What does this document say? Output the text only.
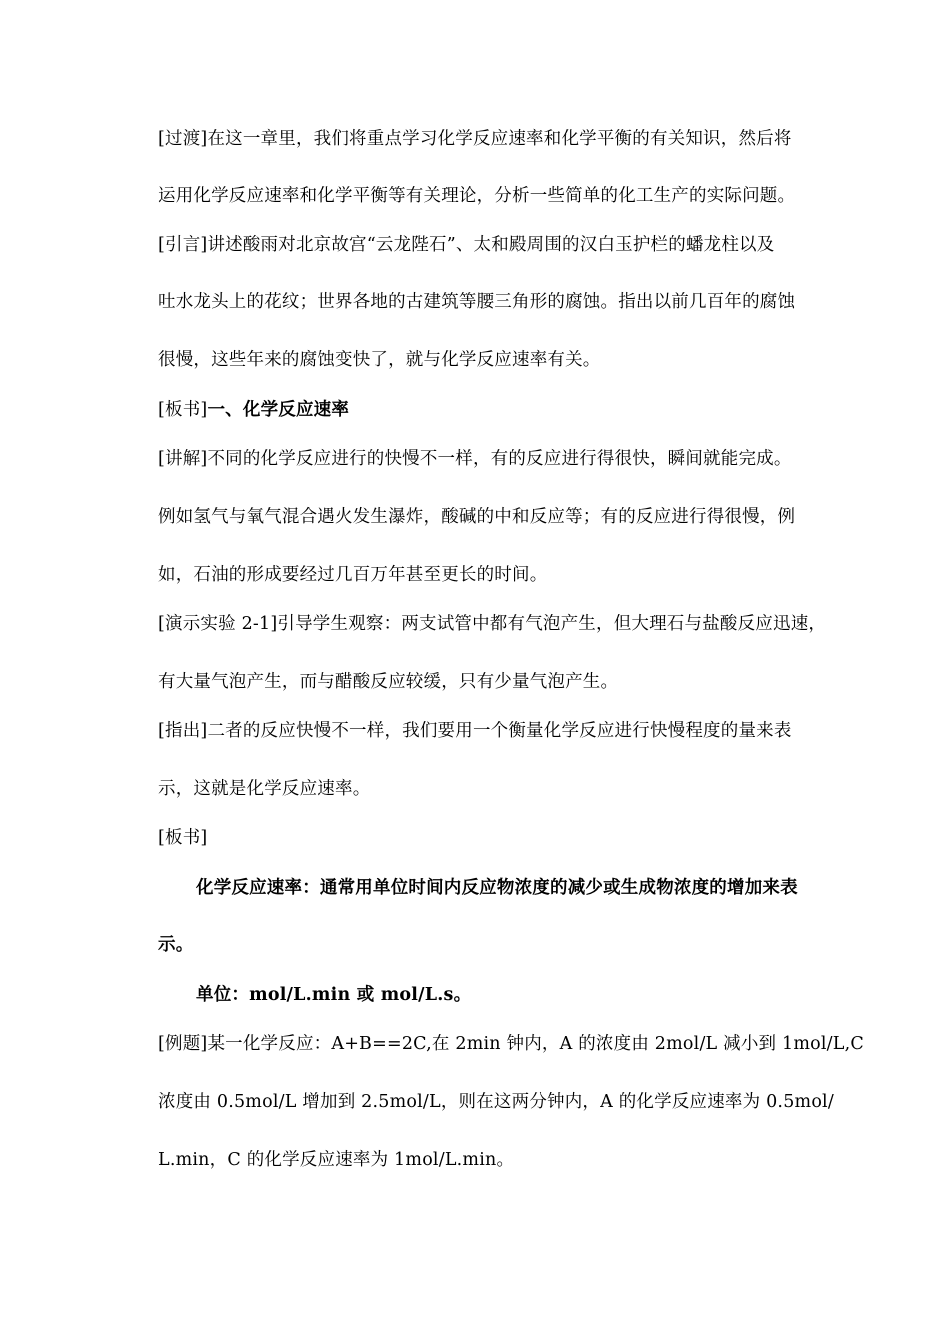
[过渡]在这一章里，我们将重点学习化学反应速率和化学平衡的有关知识，然后将
运用化学反应速率和化学平衡等有关理论，分析一些简单的化工生产的实际问题。
[引言]讲述酸雨对北京故宫“云龙陛石”、太和殿周围的汉白玉护栏的蟠龙柱以及
吐水龙头上的花纹；世界各地的古建筑等腰三角形的腐蚀。指出以前几百年的腐蚀
很慢，这些年来的腐蚀变快了，就与化学反应速率有关。
[板书]一、化学反应速率
[讲解]不同的化学反应进行的快慢不一样，有的反应进行得很快，瞬间就能完成。
例如氢气与氧气混合遇火发生瀑炸，酸碱的中和反应等；有的反应进行得很慢，例
如，石油的形成要经过几百万年甚至更长的时间。
[演示实验 2-1]引导学生观察：两支试管中都有气泡产生，但大理石与盐酸反应迅速，
有大量气泡产生，而与醋酸反应较缓，只有少量气泡产生。
[指出]二者的反应快慢不一样，我们要用一个衡量化学反应进行快慢程度的量来表
示，这就是化学反应速率。
[板书]
化学反应速率：通常用单位时间内反应物浓度的减少或生成物浓度的增加来表
示。
单位：mol/L.min 或 mol/L.s。
[例题]某一化学反应：A+B==2C,在 2min 钟内，A 的浓度由 2mol/L 减小到 1mol/L,C
浓度由 0.5mol/L 增加到 2.5mol/L，则在这两分钟内，A 的化学反应速率为 0.5mol/
L.min，C 的化学反应速率为 1mol/L.min。
